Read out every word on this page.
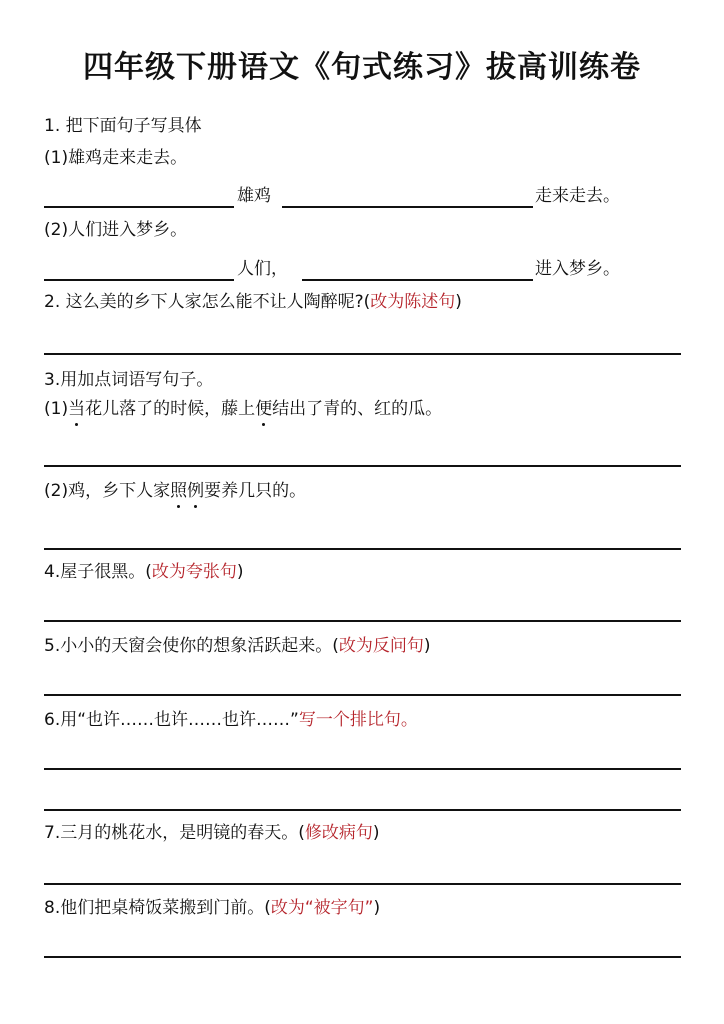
四年级下册语文《句式练习》拔高训练卷
1. 把下面句子写具体
(1)雄鸡走来走去。
雄鸡	走来走去。
(2)人们进入梦乡。
人们，	进入梦乡。
2. 这么美的乡下人家怎么能不让人陶醉呢?(改为陈述句)
3.用加点词语写句子。
(1)当花儿落了的时候，藤上便结出了青的、红的瓜。
(2)鸡，乡下人家照例要养几只的。
4.屋子很黑。(改为夸张句)
5.小小的天窗会使你的想象活跃起来。(改为反问句)
6.用“也许……也许……也许……”写一个排比句。
7.三月的桃花水，是明镜的春天。(修改病句)
8.他们把桌椅饭菜搬到门前。(改为“被字句”)
